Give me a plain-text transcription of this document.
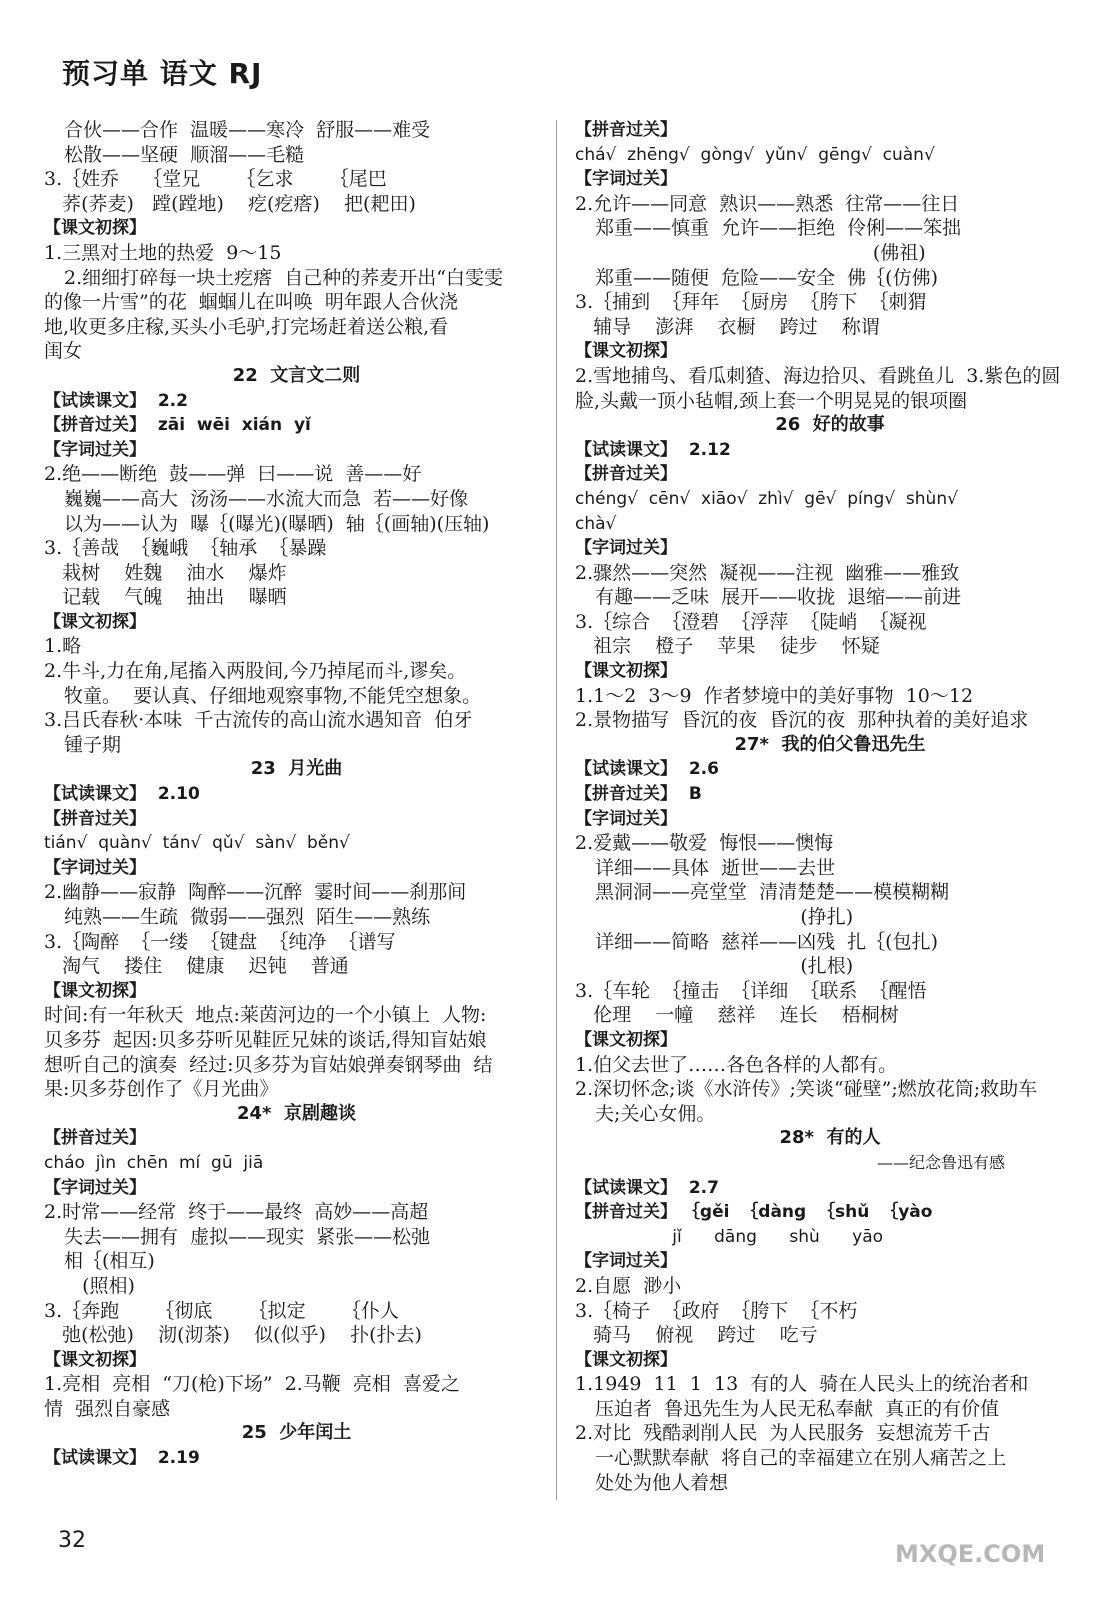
预习单 语文 RJ
合伙——合作  温暖——寒冷  舒服——难受
松散——坚硬  顺溜——毛糙
3.｛姓乔    ｛堂兄      ｛乞求      ｛尾巴
荞(荞麦)   蹚(蹚地)    疙(疙瘩)    把(耙田)
【课文初探】
1.三黑对土地的热爱  9～15
2.细细打碎每一块土疙瘩  自己种的荞麦开出“白雯雯
的像一片雪”的花  蝈蝈儿在叫唤  明年跟人合伙浇
地,收更多庄稼,买头小毛驴,打完场赶着送公粮,看
闺女
22  文言文二则
【试读课文】  2.2
【拼音过关】  zāi  wēi  xián  yǐ
【字词过关】
2.绝——断绝  鼓——弹  曰——说  善——好
巍巍——高大  汤汤——水流大而急  若——好像
以为——认为  曝｛(曝光)(曝晒)  轴｛(画轴)(压轴)
3.｛善哉  ｛巍峨  ｛轴承  ｛暴躁
栽树    姓魏    油水    爆炸
记载    气魄    抽出    曝晒
【课文初探】
1.略
2.牛斗,力在角,尾搐入两股间,今乃掉尾而斗,谬矣。
牧童。  要认真、仔细地观察事物,不能凭空想象。
3.吕氏春秋·本味  千古流传的高山流水遇知音  伯牙
锺子期
23  月光曲
【试读课文】  2.10
【拼音过关】
tián√  quàn√  tán√  qǔ√  sàn√  běn√
【字词过关】
2.幽静——寂静  陶醉——沉醉  霎时间——刹那间
纯熟——生疏  微弱——强烈  陌生——熟练
3.｛陶醉  ｛一缕  ｛键盘  ｛纯净  ｛谱写
淘气    搂住    健康    迟钝    普通
【课文初探】
时间:有一年秋天  地点:莱茵河边的一个小镇上  人物:
贝多芬  起因:贝多芬听见鞋匠兄妹的谈话,得知盲姑娘
想听自己的演奏  经过:贝多芬为盲姑娘弹奏钢琴曲  结
果:贝多芬创作了《月光曲》
24*  京剧趣谈
【拼音过关】
cháo  jìn  chēn  mí  gū  jiā
【字词过关】
2.时常——经常  终于——最终  高妙——高超
失去——拥有  虚拟——现实  紧张——松弛
相｛(相互)
(照相)
3.｛奔跑      ｛彻底      ｛拟定      ｛仆人
弛(松弛)    沏(沏茶)    似(似乎)    扑(扑去)
【课文初探】
1.亮相  亮相  “刀(枪)下场”  2.马鞭  亮相  喜爱之
情  强烈自豪感
25  少年闰土
【试读课文】  2.19
【拼音过关】
chá√  zhēng√  gòng√  yǔn√  gēng√  cuàn√
【字词过关】
2.允许——同意  熟识——熟悉  往常——往日
郑重——慎重  允许——拒绝  伶俐——笨拙
(佛祖)
郑重——随便  危险——安全  佛｛(仿佛)
3.｛捕到  ｛拜年  ｛厨房  ｛胯下  ｛刺猬
辅导    澎湃    衣橱    跨过    称谓
【课文初探】
2.雪地捕鸟、看瓜刺猹、海边拾贝、看跳鱼儿  3.紫色的圆
脸,头戴一顶小毡帽,颈上套一个明晃晃的银项圈
26  好的故事
【试读课文】  2.12
【拼音过关】
chéng√  cēn√  xiāo√  zhì√  gē√  píng√  shùn√
chà√
【字词过关】
2.骤然——突然  凝视——注视  幽雅——雅致
有趣——乏味  展开——收拢  退缩——前进
3.｛综合  ｛澄碧  ｛浮萍  ｛陡峭  ｛凝视
祖宗    橙子    苹果    徒步    怀疑
【课文初探】
1.1～2  3～9  作者梦境中的美好事物  10～12
2.景物描写  昏沉的夜  昏沉的夜  那种执着的美好追求
27*  我的伯父鲁迅先生
【试读课文】  2.6
【拼音过关】  B
【字词过关】
2.爱戴——敬爱  悔恨——懊悔
详细——具体  逝世——去世
黑洞洞——亮堂堂  清清楚楚——模模糊糊
(挣扎)
详细——简略  慈祥——凶残  扎｛(包扎)
(扎根)
3.｛车轮  ｛撞击  ｛详细  ｛联系  ｛醒悟
伦理    一幢    慈祥    连长    梧桐树
【课文初探】
1.伯父去世了……各色各样的人都有。
2.深切怀念;谈《水浒传》;笑谈“碰壁”;燃放花筒;救助车
夫;关心女佣。
28*  有的人
——纪念鲁迅有感
【试读课文】  2.7
【拼音过关】 ｛gěi  ｛dàng  ｛shǔ  ｛yào
jǐ      dāng      shù      yāo
【字词过关】
2.自愿  渺小
3.｛椅子  ｛政府  ｛胯下  ｛不朽
骑马    俯视    跨过    吃亏
【课文初探】
1.1949  11  1  13  有的人  骑在人民头上的统治者和
压迫者  鲁迅先生为人民无私奉献  真正的有价值
2.对比  残酷剥削人民  为人民服务  妄想流芳千古
一心默默奉献  将自己的幸福建立在别人痛苦之上
处处为他人着想
32	MXQE.COM
